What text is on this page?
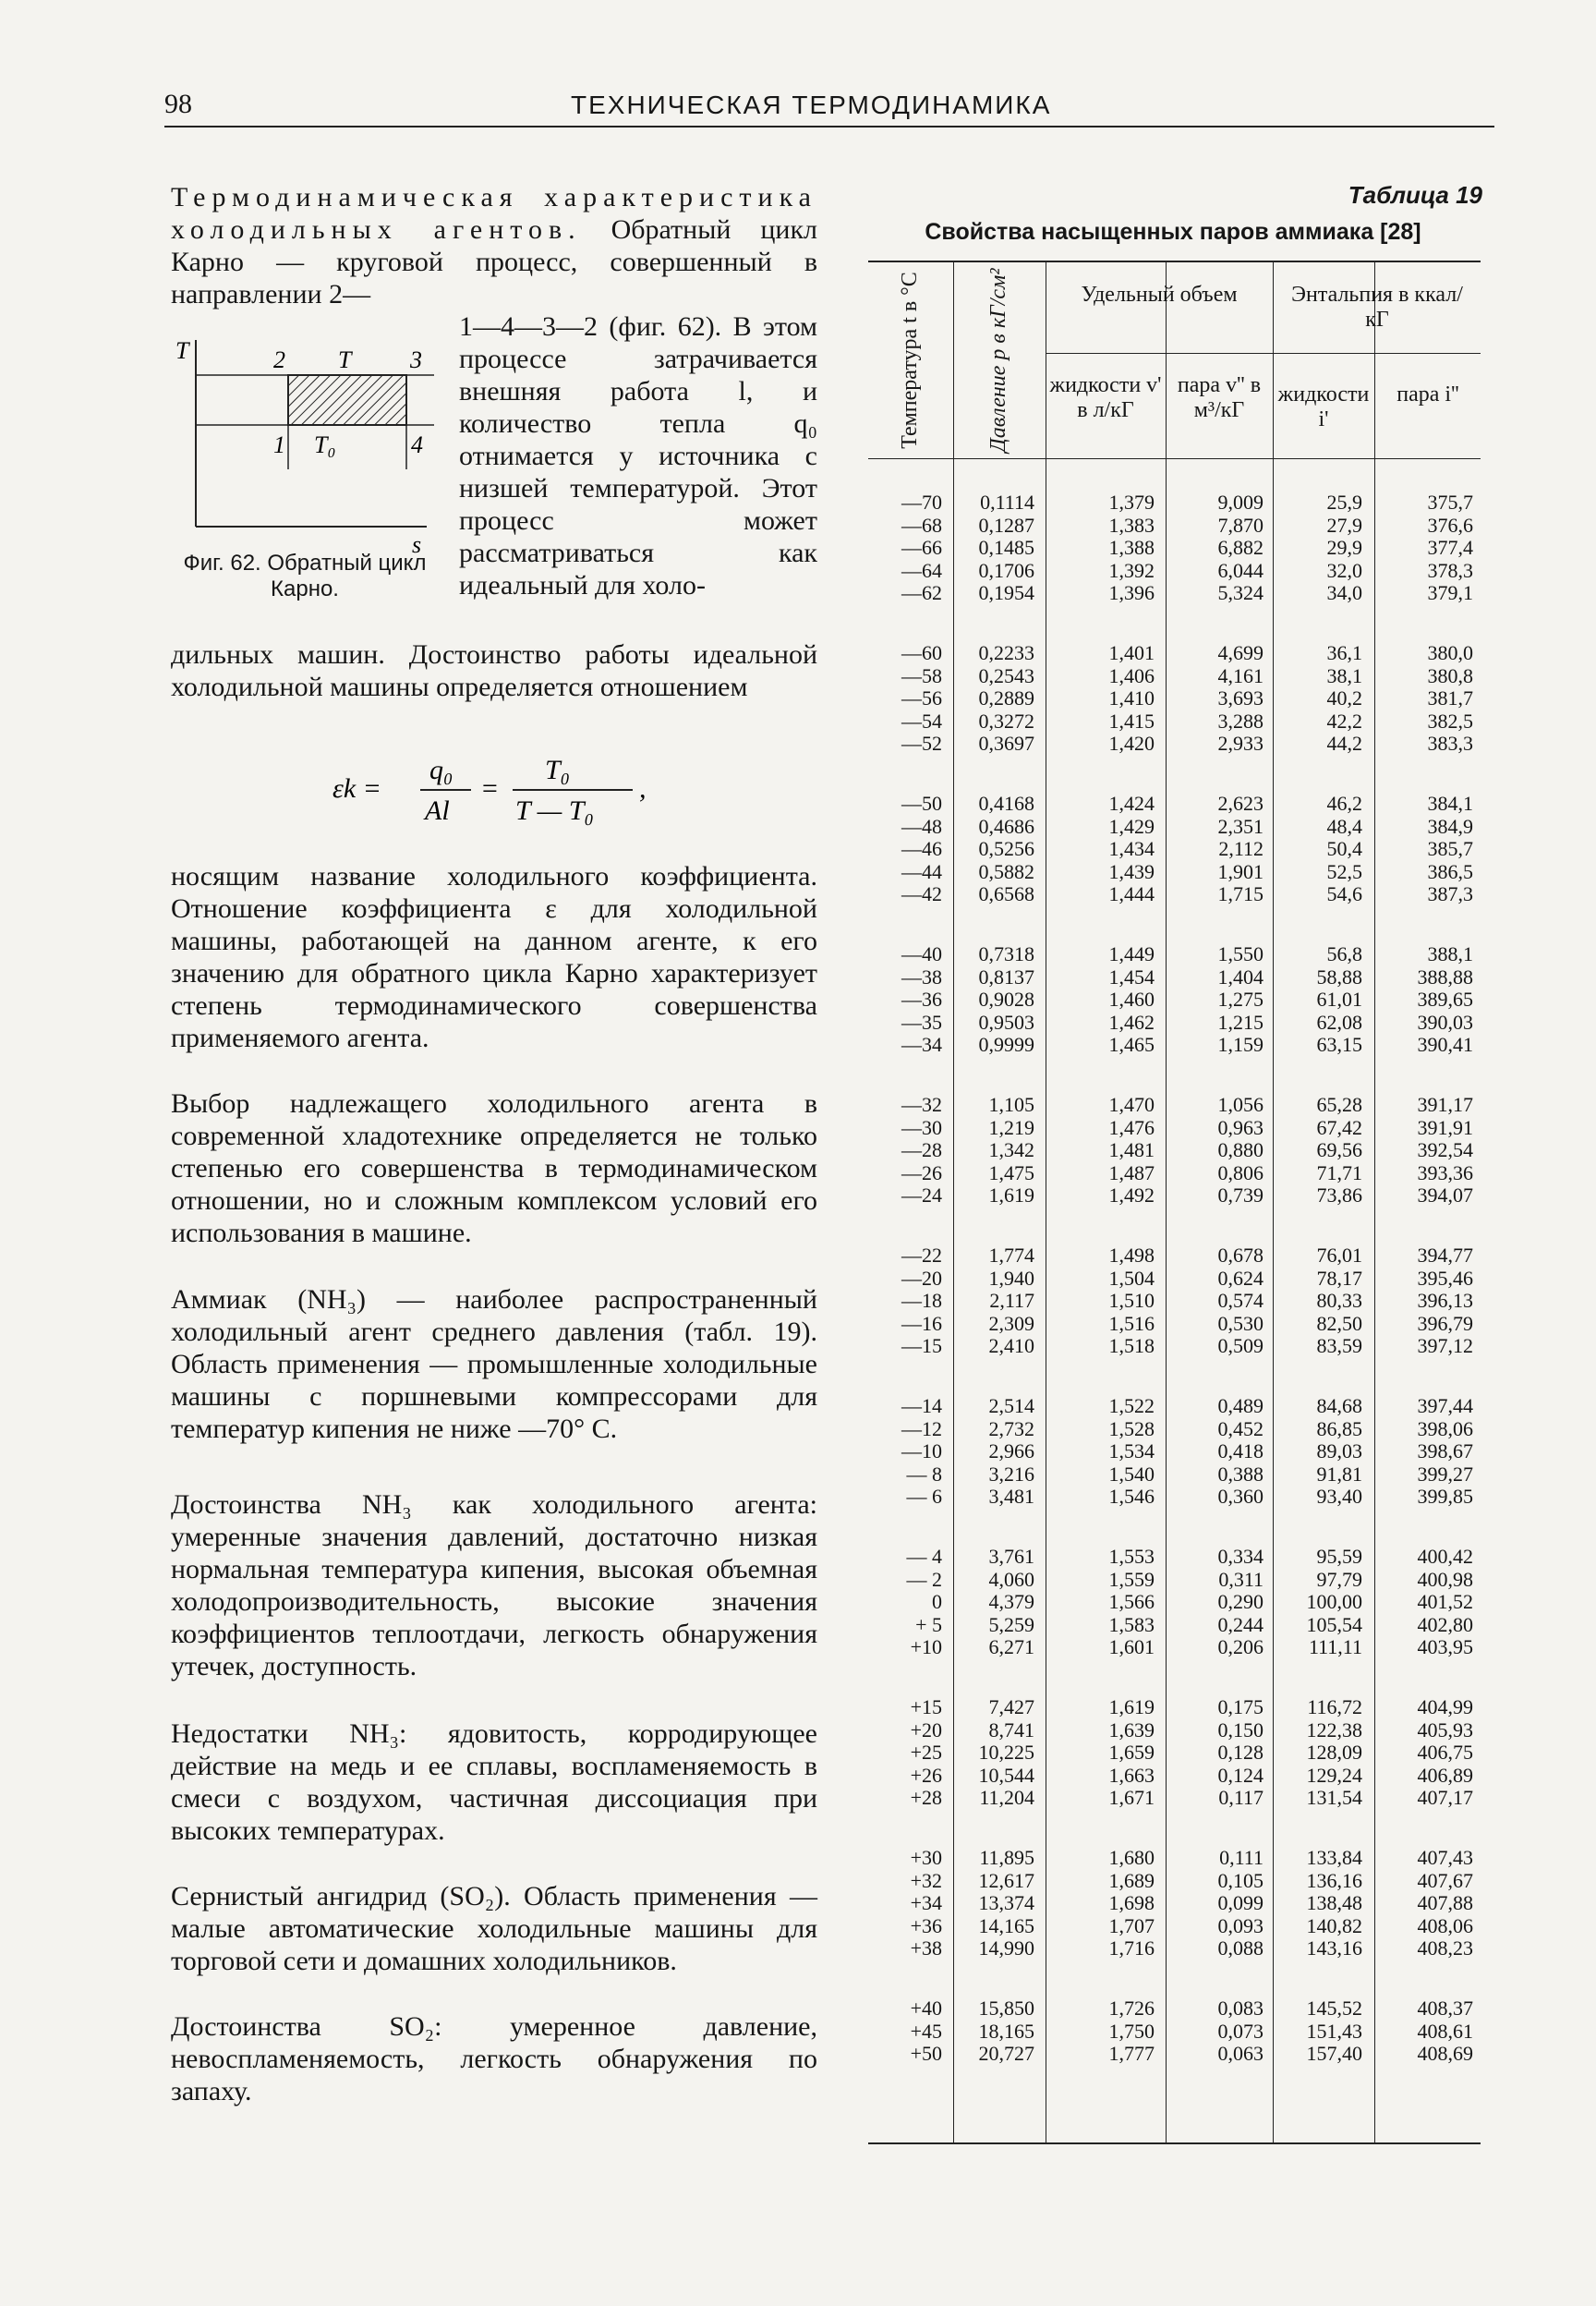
98	ТЕХНИЧЕСКАЯ ТЕРМОДИНАМИКА

Термодинамическая характеристика холодильных агентов. Обратный цикл Карно — круговой процесс, совершенный в направлении 2—

T	2 T 3
1 T₀	4
s
Фиг. 62. Обратный цикл Карно.

1—4—3—2 (фиг. 62). В этом процессе затрачивается внешняя работа l, и количество тепла q₀ отнимается у источника с низшей температурой. Этот процесс может рассматриваться как идеальный для холо-

дильных машин. Достоинство работы идеальной холодильной машины определяется отношением

εk =
q₀
Al
=
T₀
T — T₀
,

носящим название холодильного коэффициента. Отношение коэффициента ε для холодильной машины, работающей на данном агенте, к его значению для обратного цикла Карно характеризует степень термодинамического совершенства применяемого агента.

Выбор надлежащего холодильного агента в современной хладотехнике определяется не только степенью его совершенства в термодинамическом отношении, но и сложным комплексом условий его использования в машине.

Аммиак (NH₃) — наиболее распространенный холодильный агент среднего давления (табл. 19). Область применения — промышленные холодильные машины с поршневыми компрессорами для температур кипения не ниже —70° С.

Достоинства NH₃ как холодильного агента: умеренные значения давлений, достаточно низкая нормальная температура кипения, высокая объемная холодопроизводительность, высокие значения коэффициентов теплоотдачи, легкость обнаружения утечек, доступность.

Недостатки NH₃: ядовитость, корродирующее действие на медь и ее сплавы, воспламеняемость в смеси с воздухом, частичная диссоциация при высоких температурах.

Сернистый ангидрид (SO₂). Область применения — малые автоматические холодильные машины для торговой сети и домашних холодильников.

Достоинства SO₂: умеренное давление, невоспламеняемость, легкость обнаружения по запаху.

Таблица 19
Свойства насыщенных паров аммиака [28]
Температура t в °С	Давление p в кГ/см²	Удельный объем	Энтальпия в ккал/кГ
жидкости v' в л/кГ
пара v'' в м³/кГ
жидкости i'
пара i''
—70 0,1114	1,379	9,009	25,9	375,7
—68 0,1287	1,383	7,870	27,9	376,6
—66 0,1485	1,388	6,882	29,9	377,4
—64 0,1706	1,392	6,044	32,0	378,3
—62 0,1954	1,396	5,324	34,0	379,1
—60 0,2233	1,401	4,699	36,1	380,0
—58 0,2543	1,406	4,161	38,1	380,8
—56 0,2889	1,410	3,693	40,2	381,7
—54 0,3272	1,415	3,288	42,2	382,5
—52 0,3697	1,420	2,933	44,2	383,3
—50 0,4168	1,424	2,623	46,2	384,1
—48 0,4686	1,429	2,351	48,4	384,9
—46 0,5256	1,434	2,112	50,4	385,7
—44 0,5882	1,439	1,901	52,5	386,5
—42 0,6568	1,444	1,715	54,6	387,3
—40 0,7318	1,449	1,550	56,8	388,1
—38 0,8137	1,454	1,404	58,88	388,88
—36 0,9028	1,460	1,275	61,01	389,65
—35 0,9503	1,462	1,215	62,08	390,03
—34 0,9999	1,465	1,159	63,15	390,41
—32 1,105	1,470	1,056	65,28	391,17
—30 1,219	1,476	0,963	67,42	391,91
—28 1,342	1,481	0,880	69,56	392,54
—26 1,475	1,487	0,806	71,71	393,36
—24 1,619	1,492	0,739	73,86	394,07
—22 1,774	1,498	0,678	76,01	394,77
—20 1,940	1,504	0,624	78,17	395,46
—18 2,117	1,510	0,574	80,33	396,13
—16 2,309	1,516	0,530	82,50	396,79
—15 2,410	1,518	0,509	83,59	397,12
—14 2,514	1,522	0,489	84,68	397,44
—12 2,732	1,528	0,452	86,85	398,06
—10 2,966	1,534	0,418	89,03	398,67
— 8 3,216	1,540	0,388	91,81	399,27
— 6 3,481	1,546	0,360	93,40	399,85
— 4 3,761	1,553	0,334	95,59	400,42
— 2 4,060	1,559	0,311	97,79	400,98
0 4,379	1,566	0,290 100,00	401,52
+ 5 5,259	1,583	0,244 105,54	402,80
+10 6,271	1,601	0,206 111,11	403,95
+15 7,427	1,619	0,175 116,72	404,99
+20 8,741	1,639	0,150 122,38	405,93
+25 10,225	1,659	0,128 128,09	406,75
+26 10,544	1,663	0,124 129,24	406,89
+28 11,204	1,671	0,117 131,54	407,17
+30 11,895	1,680	0,111 133,84	407,43
+32 12,617	1,689	0,105 136,16	407,67
+34 13,374	1,698	0,099 138,48	407,88
+36 14,165	1,707	0,093 140,82	408,06
+38 14,990	1,716	0,088 143,16	408,23
+40 15,850	1,726	0,083 145,52	408,37
+45 18,165	1,750	0,073 151,43	408,61
+50 20,727	1,777	0,063 157,40	408,69
